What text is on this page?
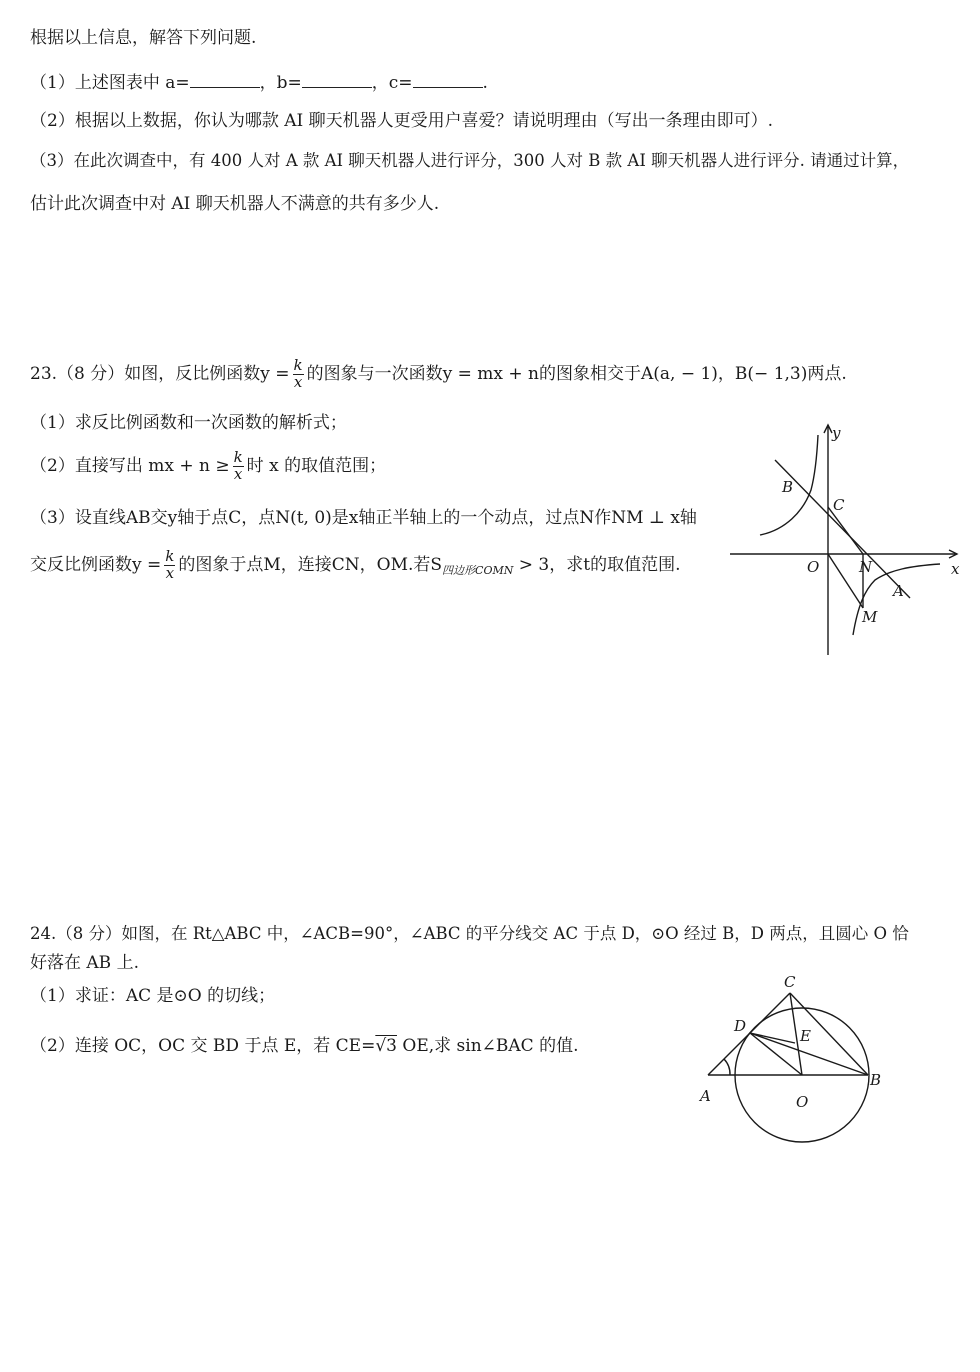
根据以上信息，解答下列问题.
（1）上述图表中 a=	，b=	，c=	.
（2）根据以上数据，你认为哪款 AI 聊天机器人更受用户喜爱？请说明理由（写出一条理由即可）.
（3）在此次调查中，有 400 人对 A 款 AI 聊天机器人进行评分，300 人对 B 款 AI 聊天机器人进行评分. 请通过计算，
估计此次调查中对 AI 聊天机器人不满意的共有多少人.
23.（8 分）如图，反比例函数$y = \frac{k}{x}$ 的图象与一次函数y = mx + n的图象相交于A(a, − 1)，B(− 1,3)两点.
（1）求反比例函数和一次函数的解析式；
（2）直接写出 mx + $n \ge \frac{k}{x}$ 时 x 的取值范围；
（3）设直线AB交y轴于点C，点N(t, 0)是x轴正半轴上的一个动点，过点N作NM ⊥ x轴
交反比例函数$y = \frac{k}{x}$ 的图象于点M，连接CN，OM.若$S_{四边形COMN} > 3$，求t的取值范围.
y
x
B
C
O	N
A
M
24.（8 分）如图，在 Rt△ABC 中，∠ACB=90°，∠ABC 的平分线交 AC 于点 D，⊙O 经过 B，D 两点，且圆心 O 恰
好落在 AB 上.
（1）求证：AC 是⊙O 的切线；
（2）连接 OC，OC 交 BD 于点 E，若 CE=√3 OE,求 sin∠BAC 的值.
C
D
E
A	O
B
